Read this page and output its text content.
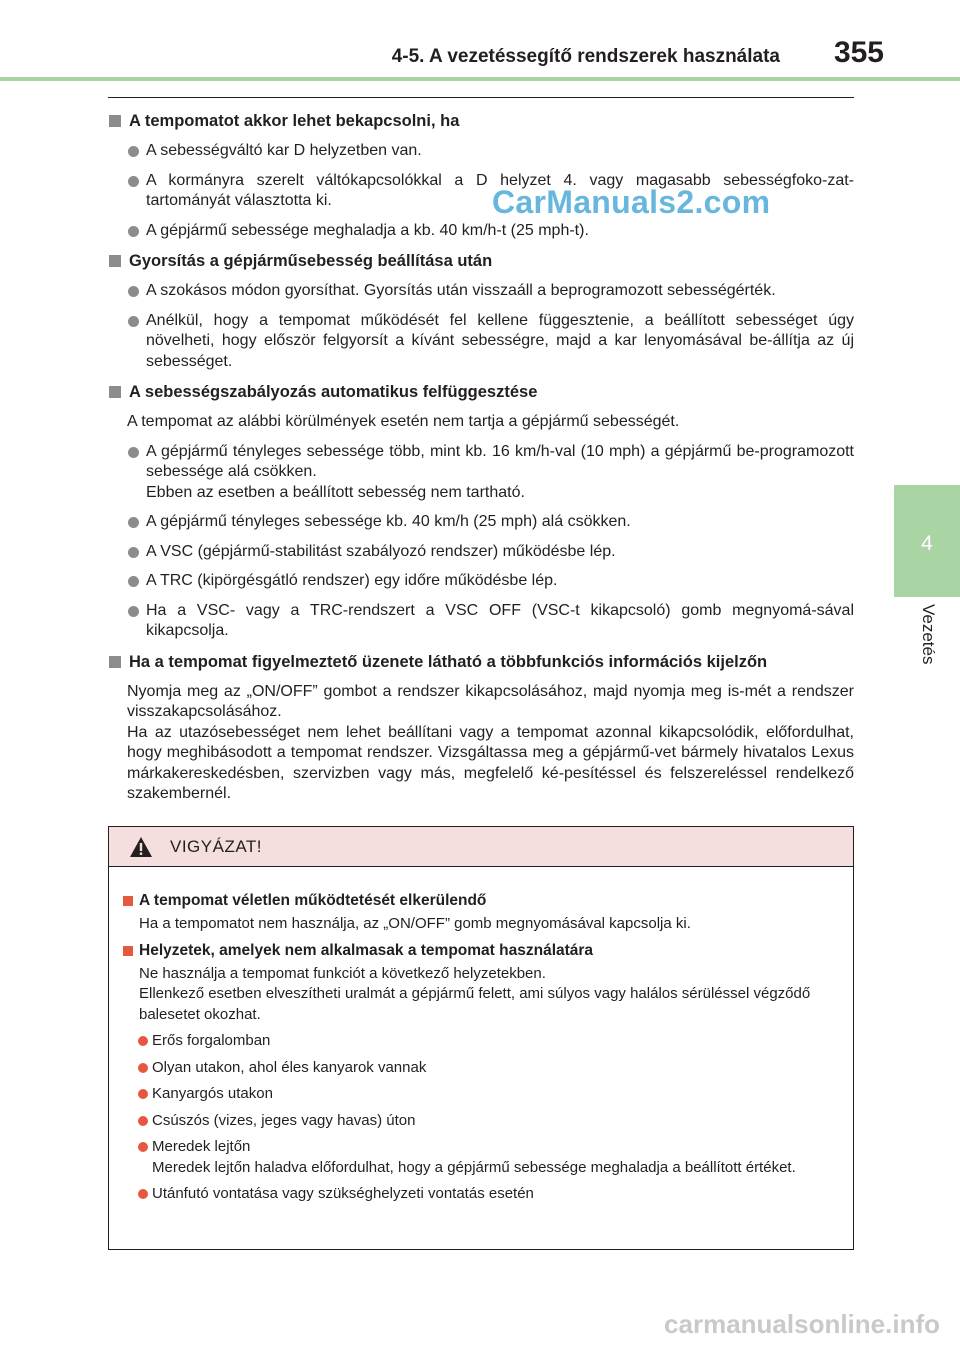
4-5. A vezetéssegítő rendszerek használata 355
4
Vezetés
A tempomatot akkor lehet bekapcsolni, ha
A sebességváltó kar D helyzetben van.
A kormányra szerelt váltókapcsolókkal a D helyzet 4. vagy magasabb sebességfoko-zat-tartományát választotta ki.
A gépjármű sebessége meghaladja a kb. 40 km/h-t (25 mph-t).
Gyorsítás a gépjárműsebesség beállítása után
A szokásos módon gyorsíthat. Gyorsítás után visszaáll a beprogramozott sebességérték.
Anélkül, hogy a tempomat működését fel kellene függesztenie, a beállított sebességet úgy növelheti, hogy először felgyorsít a kívánt sebességre, majd a kar lenyomásával be-állítja az új sebességet.
A sebességszabályozás automatikus felfüggesztése
A tempomat az alábbi körülmények esetén nem tartja a gépjármű sebességét.
A gépjármű tényleges sebessége több, mint kb. 16 km/h-val (10 mph) a gépjármű be-programozott sebessége alá csökken.
Ebben az esetben a beállított sebesség nem tartható.
A gépjármű tényleges sebessége kb. 40 km/h (25 mph) alá csökken.
A VSC (gépjármű-stabilitást szabályozó rendszer) működésbe lép.
A TRC (kipörgésgátló rendszer) egy időre működésbe lép.
Ha a VSC- vagy a TRC-rendszert a VSC OFF (VSC-t kikapcsoló) gomb megnyomá-sával kikapcsolja.
Ha a tempomat figyelmeztető üzenete látható a többfunkciós információs kijelzőn
Nyomja meg az „ON/OFF” gombot a rendszer kikapcsolásához, majd nyomja meg is-mét a rendszer visszakapcsolásához.
Ha az utazósebességet nem lehet beállítani vagy a tempomat azonnal kikapcsolódik, előfordulhat, hogy meghibásodott a tempomat rendszer. Vizsgáltassa meg a gépjármű-vet bármely hivatalos Lexus márkakereskedésben, szervizben vagy más, megfelelő ké-pesítéssel és felszereléssel rendelkező szakembernél.
VIGYÁZAT!
A tempomat véletlen működtetését elkerülendő
Ha a tempomatot nem használja, az „ON/OFF” gomb megnyomásával kapcsolja ki.
Helyzetek, amelyek nem alkalmasak a tempomat használatára
Ne használja a tempomat funkciót a következő helyzetekben.
Ellenkező esetben elveszítheti uralmát a gépjármű felett, ami súlyos vagy halálos sérüléssel végződő balesetet okozhat.
Erős forgalomban
Olyan utakon, ahol éles kanyarok vannak
Kanyargós utakon
Csúszós (vizes, jeges vagy havas) úton
Meredek lejtőn
Meredek lejtőn haladva előfordulhat, hogy a gépjármű sebessége meghaladja a beállított értéket.
Utánfutó vontatása vagy szükséghelyzeti vontatás esetén
CarManuals2.com
carmanualsonline.info
